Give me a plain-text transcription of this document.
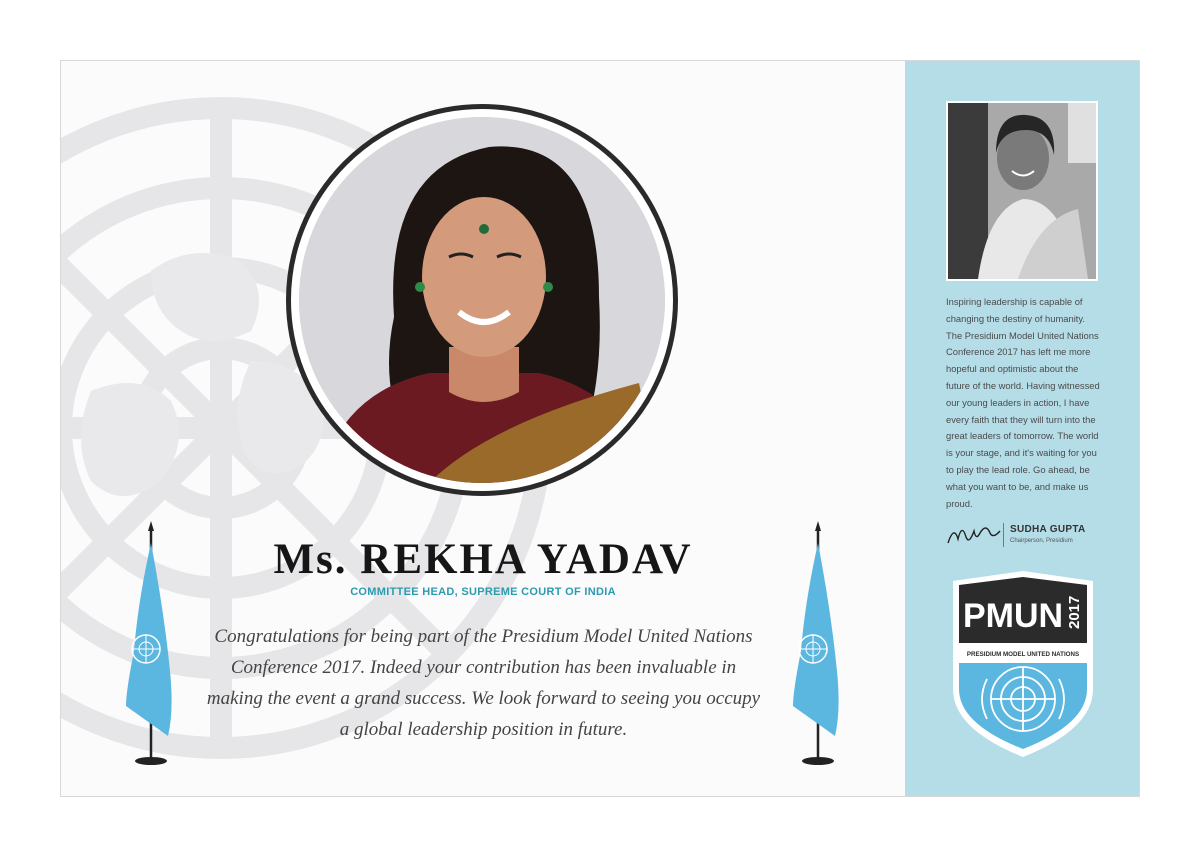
Ms. REKHA YADAV
COMMITTEE HEAD, SUPREME COURT OF INDIA

Congratulations for being part of the Presidium Model United Nations Conference 2017. Indeed your contribution has been invaluable in making the event a grand success. We look forward to seeing you occupy a global leadership position in future.

Inspiring leadership is capable of changing the destiny of humanity. The Presidium Model United Nations Conference 2017 has left me more hopeful and optimistic about the future of the world. Having witnessed our young leaders in action, I have every faith that they will turn into the great leaders of tomorrow. The world is your stage, and it's waiting for you to play the lead role. Go ahead, be what you want to be, and make us proud.

SUDHA GUPTA
Chairperson, Presidium
PMUN 2017
PRESIDIUM MODEL UNITED NATIONS
